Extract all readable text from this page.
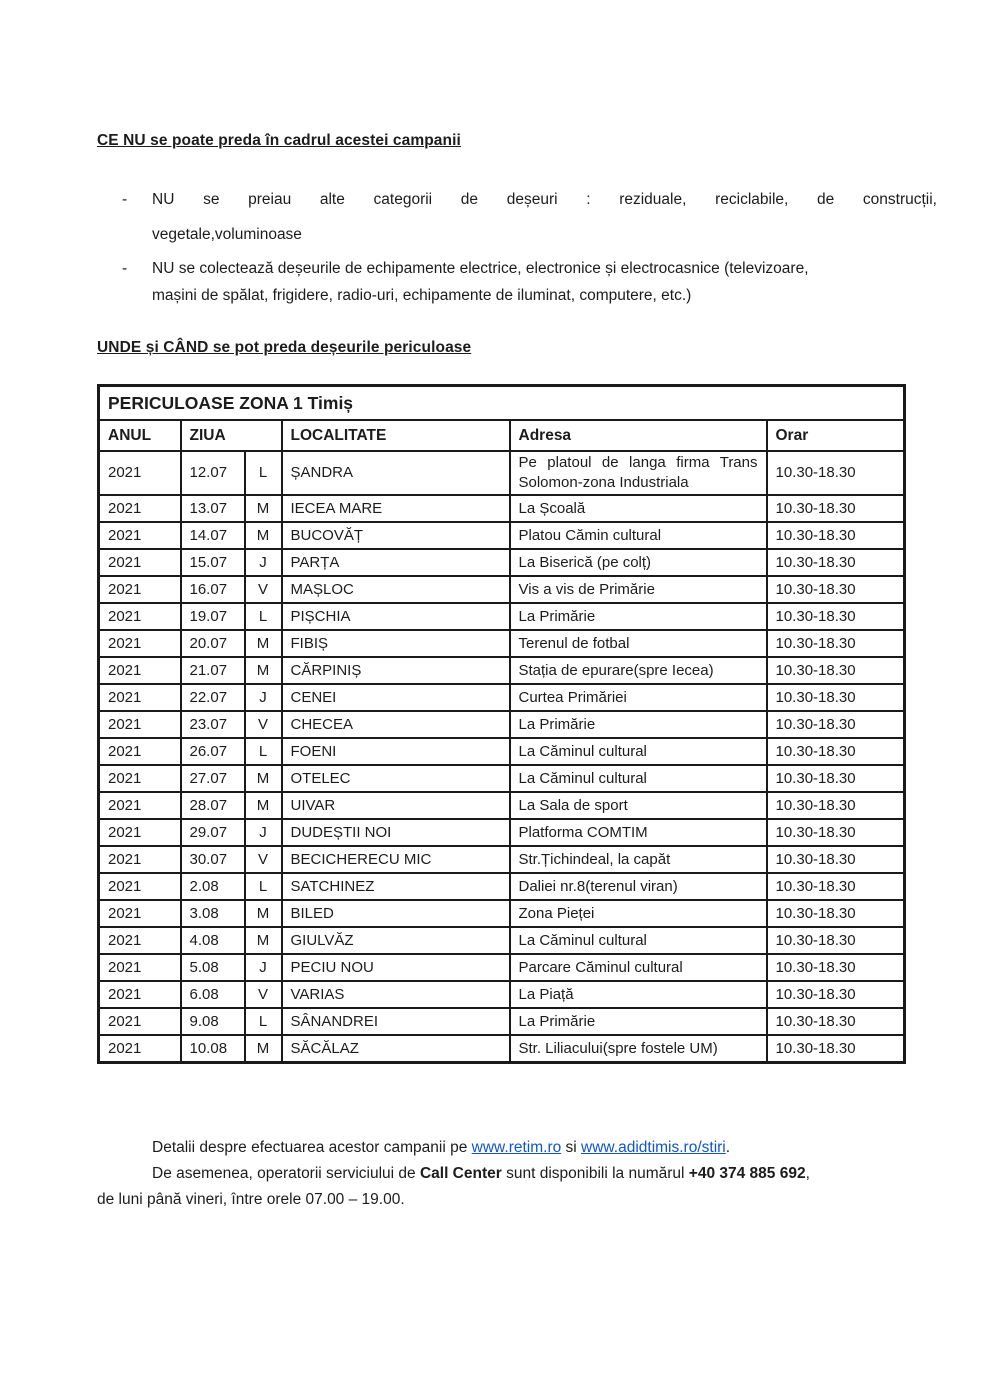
CE NU se poate preda în cadrul acestei campanii
-	NU se preiau alte categorii de deșeuri : reziduale, reciclabile, de construcții,
vegetale,voluminoase
-	NU se colectează deșeurile de echipamente electrice, electronice și electrocasnice (televizoare,
mașini de spălat, frigidere, radio-uri, echipamente de iluminat, computere, etc.)
UNDE și CÂND se pot preda deșeurile periculoase
PERICULOASE ZONA 1 Timiș					
ANUL	ZIUA		LOCALITATE	Adresa	Orar
2021	12.07	L	ȘANDRA	Pe platoul de langa firma Trans Solomon-zona Industriala	10.30-18.30
2021	13.07	M	IECEA MARE	La Școală	10.30-18.30
2021	14.07	M	BUCOVĂȚ	Platou Cămin cultural	10.30-18.30
2021	15.07	J	PARȚA	La Biserică (pe colț)	10.30-18.30
2021	16.07	V	MAȘLOC	Vis a vis de Primărie	10.30-18.30
2021	19.07	L	PIȘCHIA	La Primărie	10.30-18.30
2021	20.07	M	FIBIȘ	Terenul de fotbal	10.30-18.30
2021	21.07	M	CĂRPINIȘ	Stația de epurare(spre Iecea)	10.30-18.30
2021	22.07	J	CENEI	Curtea Primăriei	10.30-18.30
2021	23.07	V	CHECEA	La Primărie	10.30-18.30
2021	26.07	L	FOENI	La Căminul cultural	10.30-18.30
2021	27.07	M	OTELEC	La Căminul cultural	10.30-18.30
2021	28.07	M	UIVAR	La Sala de sport	10.30-18.30
2021	29.07	J	DUDEȘTII NOI	Platforma COMTIM	10.30-18.30
2021	30.07	V	BECICHERECU MIC	Str.Țichindeal, la capăt	10.30-18.30
2021	2.08	L	SATCHINEZ	Daliei nr.8(terenul viran)	10.30-18.30
2021	3.08	M	BILED	Zona Pieței	10.30-18.30
2021	4.08	M	GIULVĂZ	La Căminul cultural	10.30-18.30
2021	5.08	J	PECIU NOU	Parcare Căminul cultural	10.30-18.30
2021	6.08	V	VARIAS	La Piață	10.30-18.30
2021	9.08	L	SÂNANDREI	La Primărie	10.30-18.30
2021	10.08	M	SĂCĂLAZ	Str. Liliacului(spre fostele UM)	10.30-18.30

Detalii despre efectuarea acestor campanii pe www.retim.ro si www.adidtimis.ro/stiri.

De asemenea, operatorii serviciului de Call Center sunt disponibili la numărul +40 374 885 692,

de luni până vineri, între orele 07.00 – 19.00.
